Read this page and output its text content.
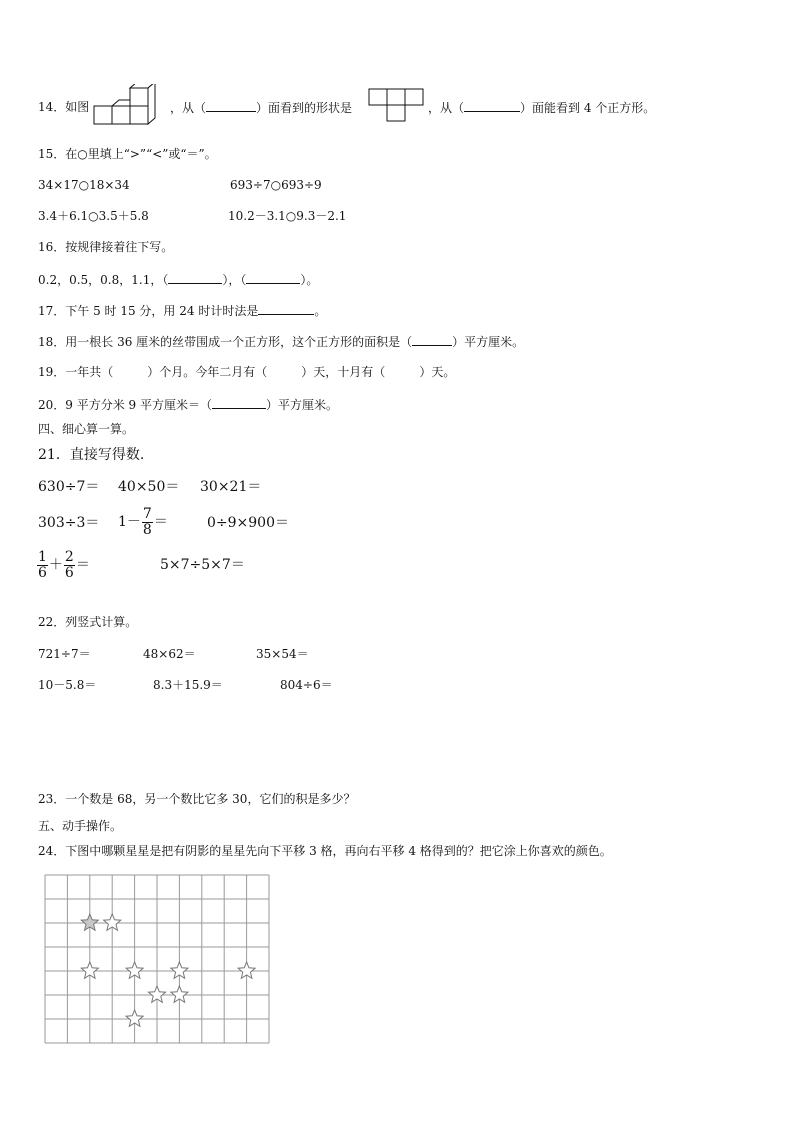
14．如图	，从（	）面看到的形状是	，从（	）面能看到 4 个正方形。
15．在○里填上“>”“<”或“＝”。
34×17○18×34	693÷7○693÷9
3.4＋6.1○3.5＋5.8	10.2－3.1○9.3－2.1
16．按规律接着往下写。
0.2，0.5，0.8，1.1，（	），（	）。
17．下午 5 时 15 分，用 24 时计时法是	。
18．用一根长 36 厘米的丝带围成一个正方形，这个正方形的面积是（	）平方厘米。
19．一年共（	）个月。今年二月有（	）天，十月有（	）天。
20．9 平方分米 9 平方厘米＝（	）平方厘米。
四、细心算一算。
21．直接写得数.
630÷7＝ 40×50＝ 30×21＝
$303\div 3= 1- \frac{7}{8}$ ＝	0÷9×900＝
$\frac{1}{6} + \frac{2}{6}$ ＝	5×7÷5×7＝
22．列竖式计算。
721÷7＝	48×62＝	35×54＝
10－5.8＝	8.3＋15.9＝	804÷6＝
23．一个数是 68，另一个数比它多 30，它们的积是多少？
五、动手操作。
24．下图中哪颗星星是把有阴影的星星先向下平移 3 格，再向右平移 4 格得到的？把它涂上你喜欢的颜色。
